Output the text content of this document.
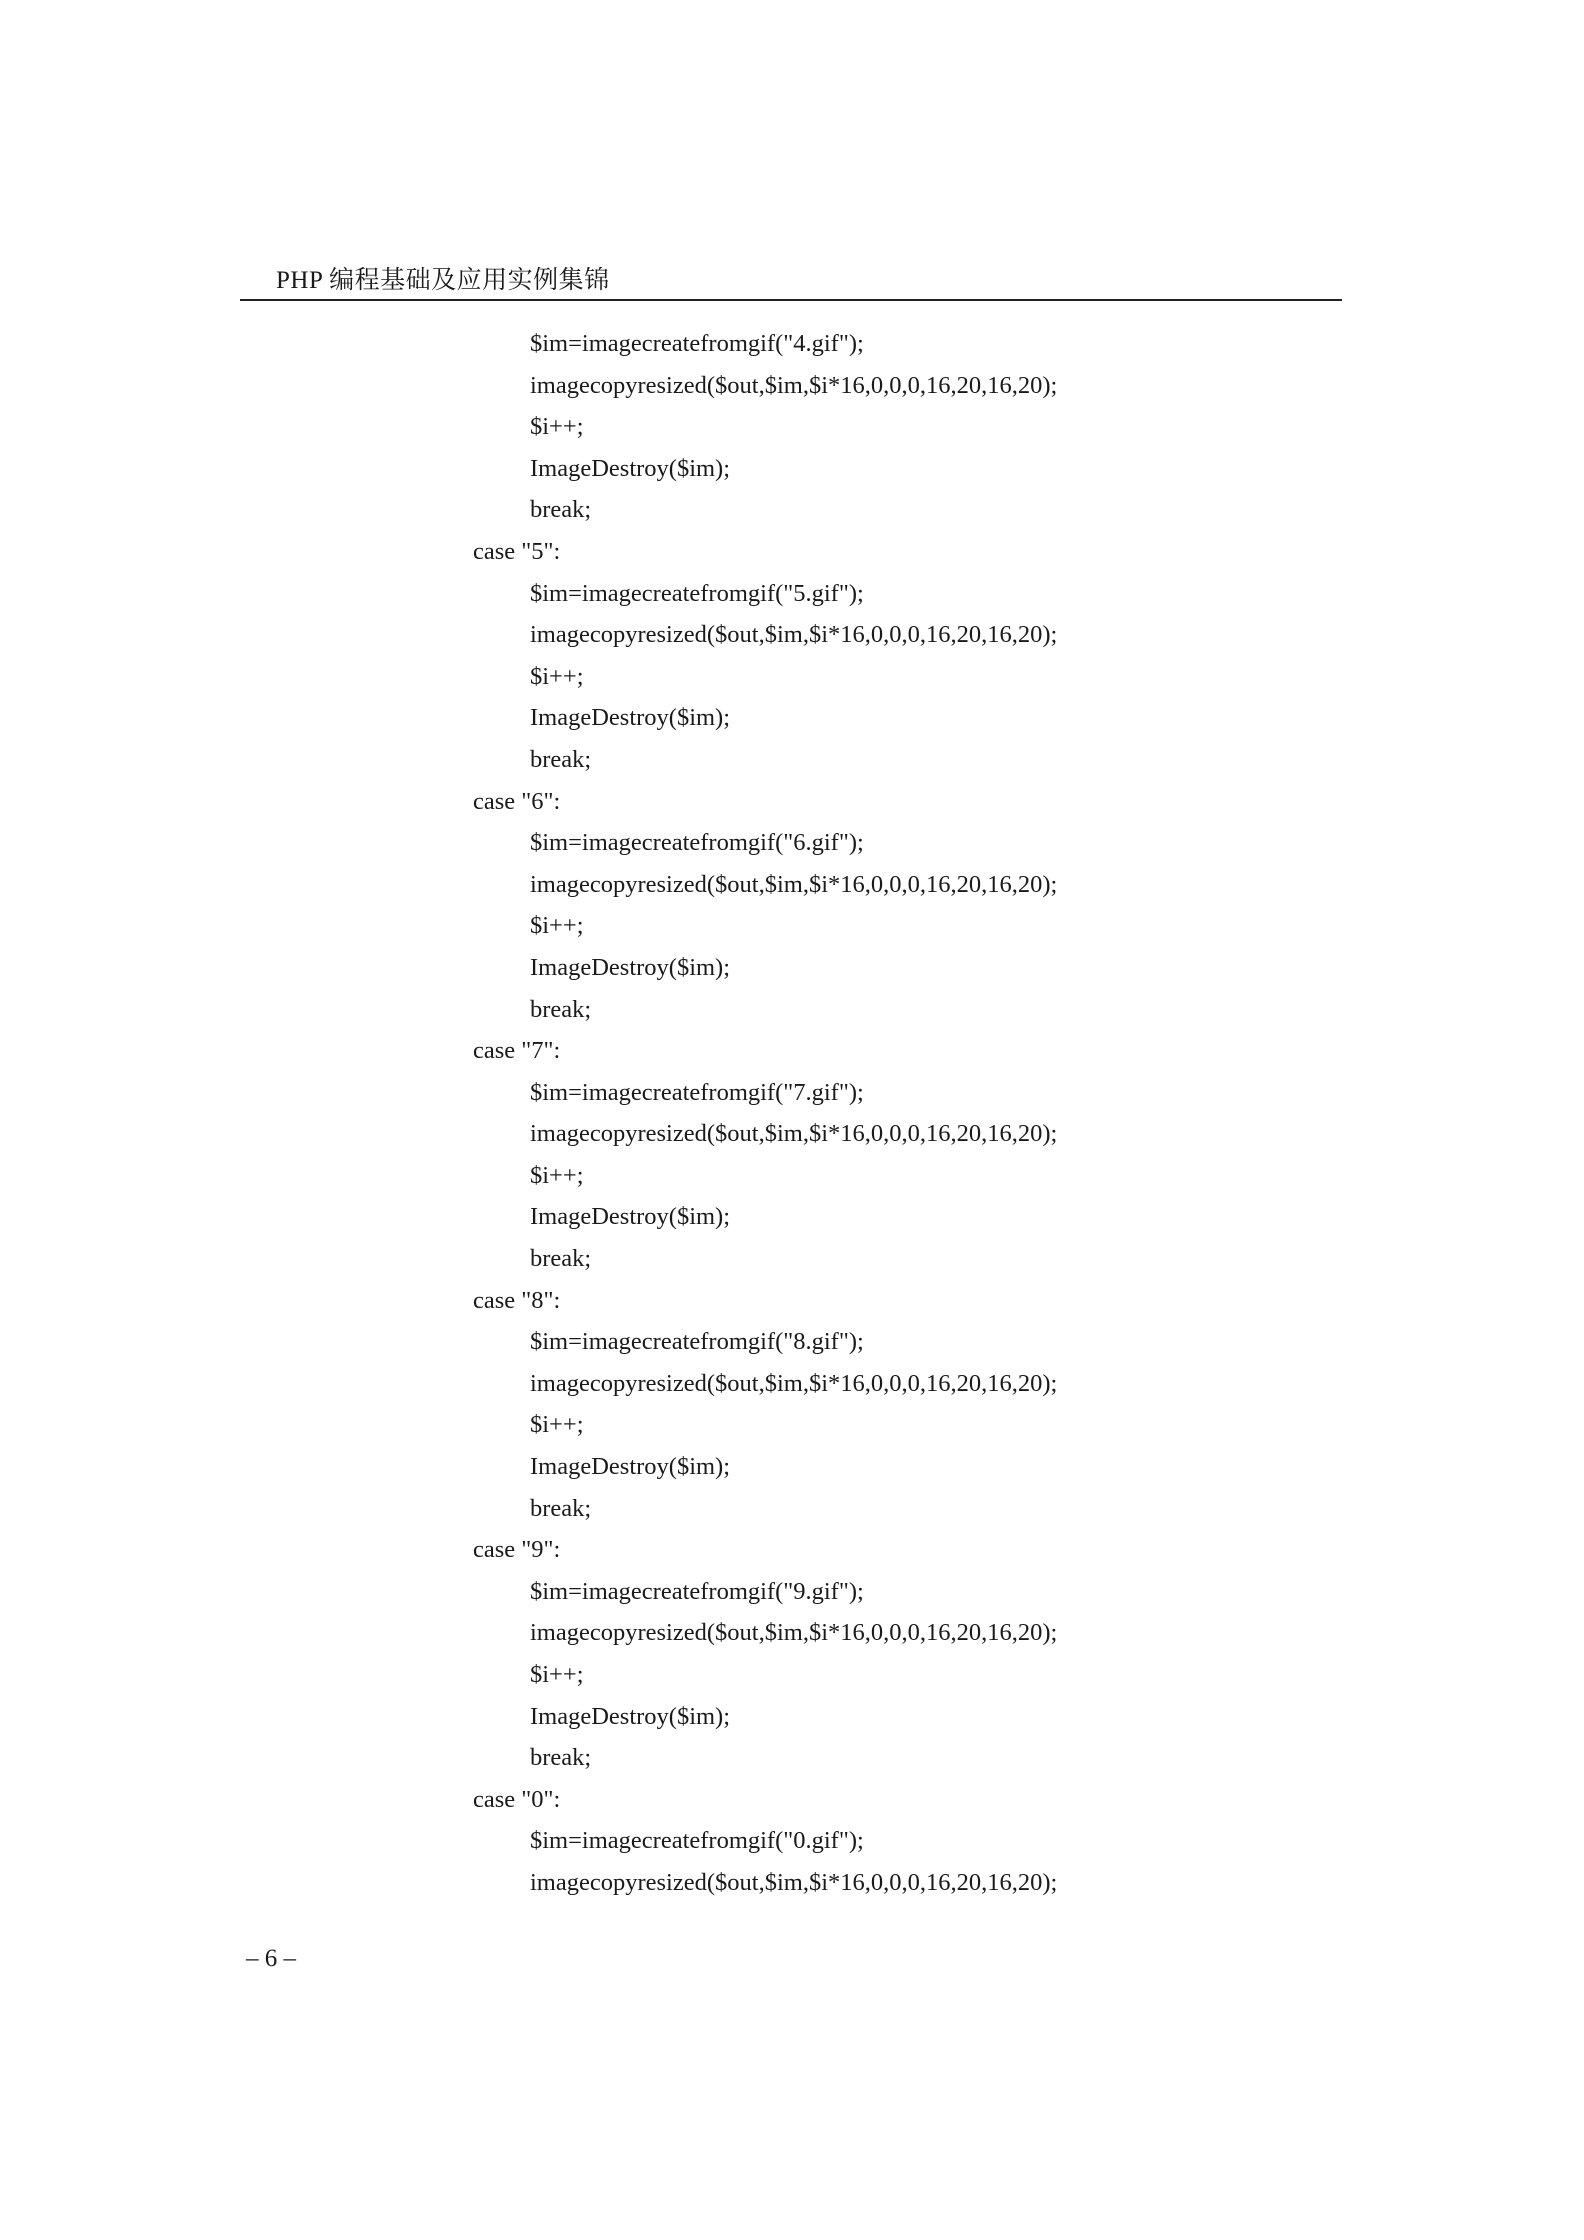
PHP 编程基础及应用实例集锦
$im=imagecreatefromgif("4.gif");
imagecopyresized($out,$im,$i*16,0,0,0,16,20,16,20);
$i++;
ImageDestroy($im);
break;
case "5":
$im=imagecreatefromgif("5.gif");
imagecopyresized($out,$im,$i*16,0,0,0,16,20,16,20);
$i++;
ImageDestroy($im);
break;
case "6":
$im=imagecreatefromgif("6.gif");
imagecopyresized($out,$im,$i*16,0,0,0,16,20,16,20);
$i++;
ImageDestroy($im);
break;
case "7":
$im=imagecreatefromgif("7.gif");
imagecopyresized($out,$im,$i*16,0,0,0,16,20,16,20);
$i++;
ImageDestroy($im);
break;
case "8":
$im=imagecreatefromgif("8.gif");
imagecopyresized($out,$im,$i*16,0,0,0,16,20,16,20);
$i++;
ImageDestroy($im);
break;
case "9":
$im=imagecreatefromgif("9.gif");
imagecopyresized($out,$im,$i*16,0,0,0,16,20,16,20);
$i++;
ImageDestroy($im);
break;
case "0":
$im=imagecreatefromgif("0.gif");
imagecopyresized($out,$im,$i*16,0,0,0,16,20,16,20);
– 6 –
